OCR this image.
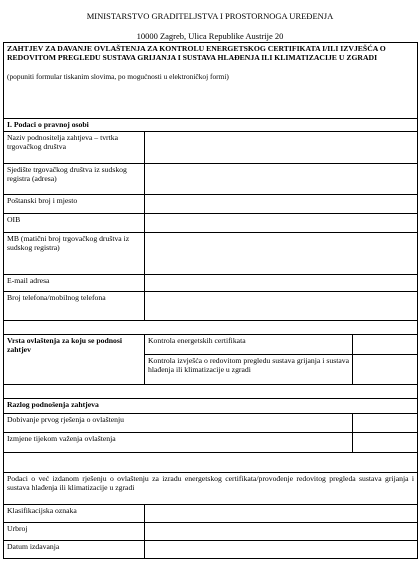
MINISTARSTVO GRADITELJSTVA I PROSTORNOGA UREĐENJA
10000 Zagreb, Ulica Republike Austrije 20
ZAHTJEV ZA DAVANJE OVLAŠTENJA ZA KONTROLU ENERGETSKOG CERTIFIKATA I/ILI IZVJEŠĆA O REDOVITOM PREGLEDU SUSTAVA GRIJANJA I SUSTAVA HLAĐENJA ILI KLIMATIZACIJE U ZGRADI
(popuniti formular tiskanim slovima, po mogućnosti u elektroničkoj formi)		

I. Podaci o pravnoj osobi		
Naziv podnositelja zahtjeva – tvrtka trgovačkog društva		
Sjedište trgovačkog društva iz sudskog registra (adresa)		
Poštanski broj i mjesto		
OIB		
MB (matični broj trgovačkog društva iz sudskog registra)		
E-mail adresa		
Broj telefona/mobilnog telefona		

Vrsta ovlaštenja za koju se podnosi zahtjev	Kontrola energetskih certifikata	
	Kontrola izvješća o redovitom pregledu sustava grijanja i sustava hlađenja ili klimatizacije u zgradi	

Razlog podnošenja zahtjeva		
Dobivanje prvog rješenja o ovlaštenju		
Izmjene tijekom važenja ovlaštenja		

Podaci o već izdanom rješenju o ovlaštenju za izradu energetskog certifikata/provođenje redovitog pregleda sustava grijanja i sustava hlađenja ili klimatizacije u zgradi		
Klasifikacijska oznaka		
Urbroj		
Datum izdavanja		
